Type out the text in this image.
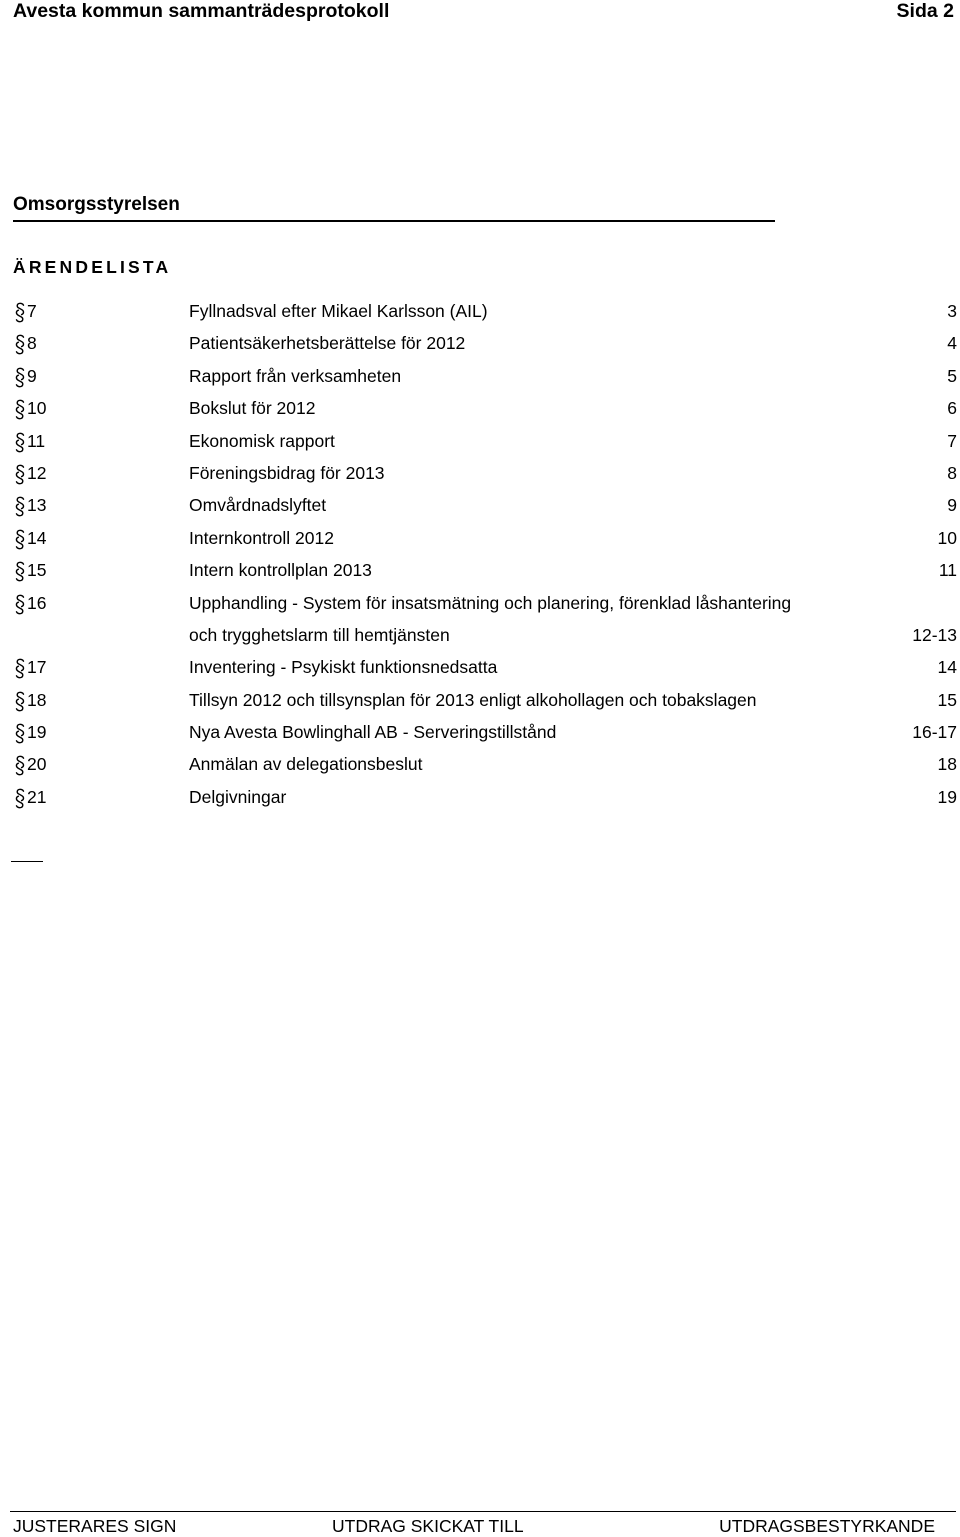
Avesta kommun sammanträdesprotokoll	Sida 2
Omsorgsstyrelsen
ÄRENDELISTA
7	Fyllnadsval efter Mikael Karlsson (AIL)	3
8	Patientsäkerhetsberättelse för 2012	4
9	Rapport från verksamheten	5
10	Bokslut för 2012	6
11	Ekonomisk rapport	7
12	Föreningsbidrag för 2013	8
13	Omvårdnadslyftet	9
14	Internkontroll 2012	10
15	Intern kontrollplan 2013	11
16	Upphandling - System för insatsmätning och planering, förenklad låshantering
och trygghetslarm till hemtjänsten	12-13
17	Inventering - Psykiskt funktionsnedsatta	14
18	Tillsyn 2012 och tillsynsplan för 2013 enligt alkohollagen och tobakslagen	15
19	Nya Avesta Bowlinghall AB - Serveringstillstånd	16-17
20	Anmälan av delegationsbeslut	18
21	Delgivningar	19
JUSTERARES SIGN	UTDRAG SKICKAT TILL	UTDRAGSBESTYRKANDE
